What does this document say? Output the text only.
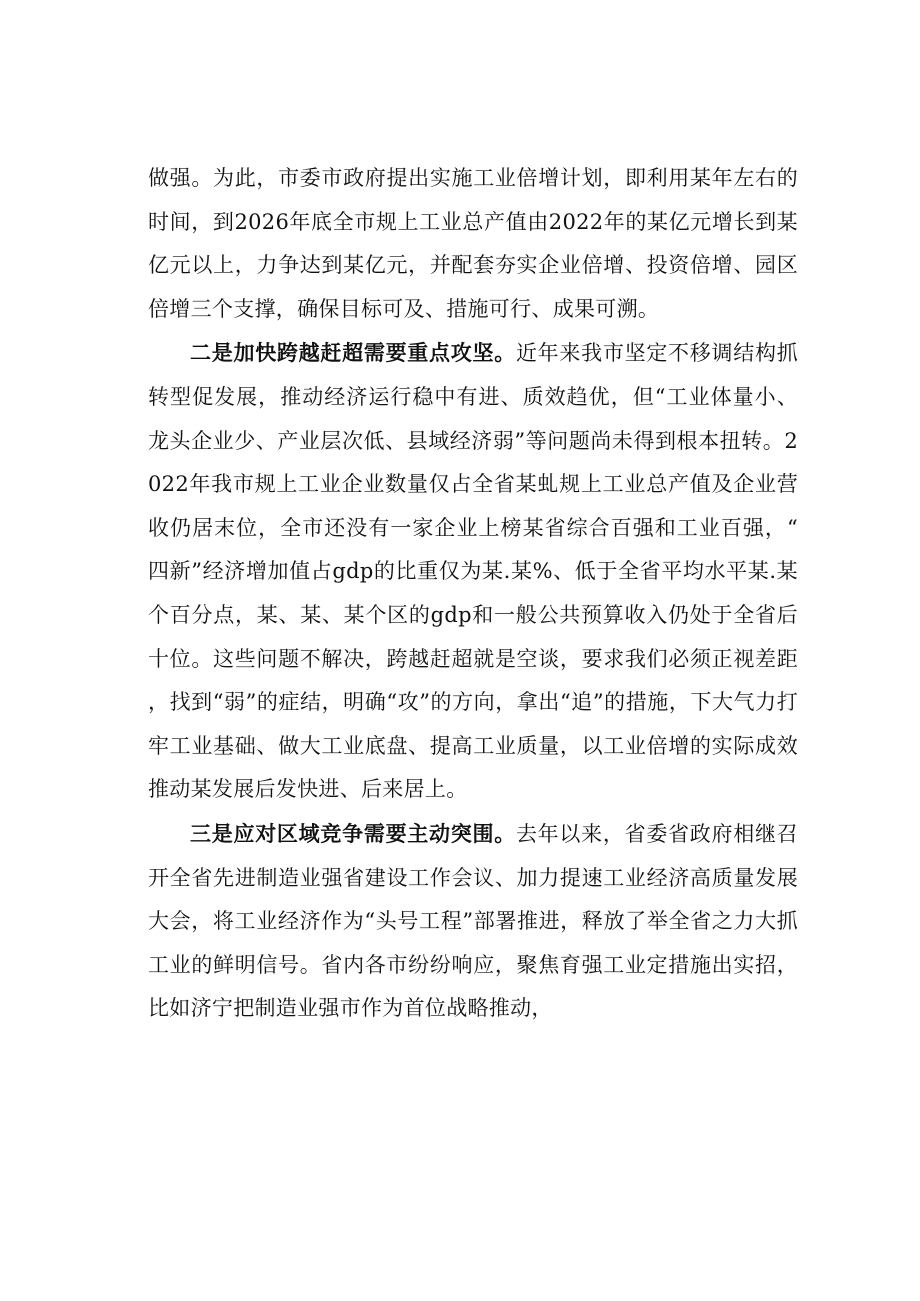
做强。为此，市委市政府提出实施工业倍增计划，即利用某年左右的时间，到2026年底全市规上工业总产值由2022年的某亿元增长到某亿元以上，力争达到某亿元，并配套夯实企业倍增、投资倍增、园区倍增三个支撑，确保目标可及、措施可行、成果可溯。

二是加快跨越赶超需要重点攻坚。近年来我市坚定不移调结构抓转型促发展，推动经济运行稳中有进、质效趋优，但“工业体量小、龙头企业少、产业层次低、县域经济弱”等问题尚未得到根本扭转。2022年我市规上工业企业数量仅占全省某虬规上工业总产值及企业营收仍居末位，全市还没有一家企业上榜某省综合百强和工业百强，“四新”经济增加值占gdp的比重仅为某.某%、低于全省平均水平某.某个百分点，某、某、某个区的gdp和一般公共预算收入仍处于全省后十位。这些问题不解决，跨越赶超就是空谈，要求我们必须正视差距，找到“弱”的症结，明确“攻”的方向，拿出“追”的措施，下大气力打牢工业基础、做大工业底盘、提高工业质量，以工业倍增的实际成效推动某发展后发快进、后来居上。

三是应对区域竞争需要主动突围。去年以来，省委省政府相继召开全省先进制造业强省建设工作会议、加力提速工业经济高质量发展大会，将工业经济作为“头号工程”部署推进，释放了举全省之力大抓工业的鲜明信号。省内各市纷纷响应，聚焦育强工业定措施出实招，比如济宁把制造业强市作为首位战略推动，
